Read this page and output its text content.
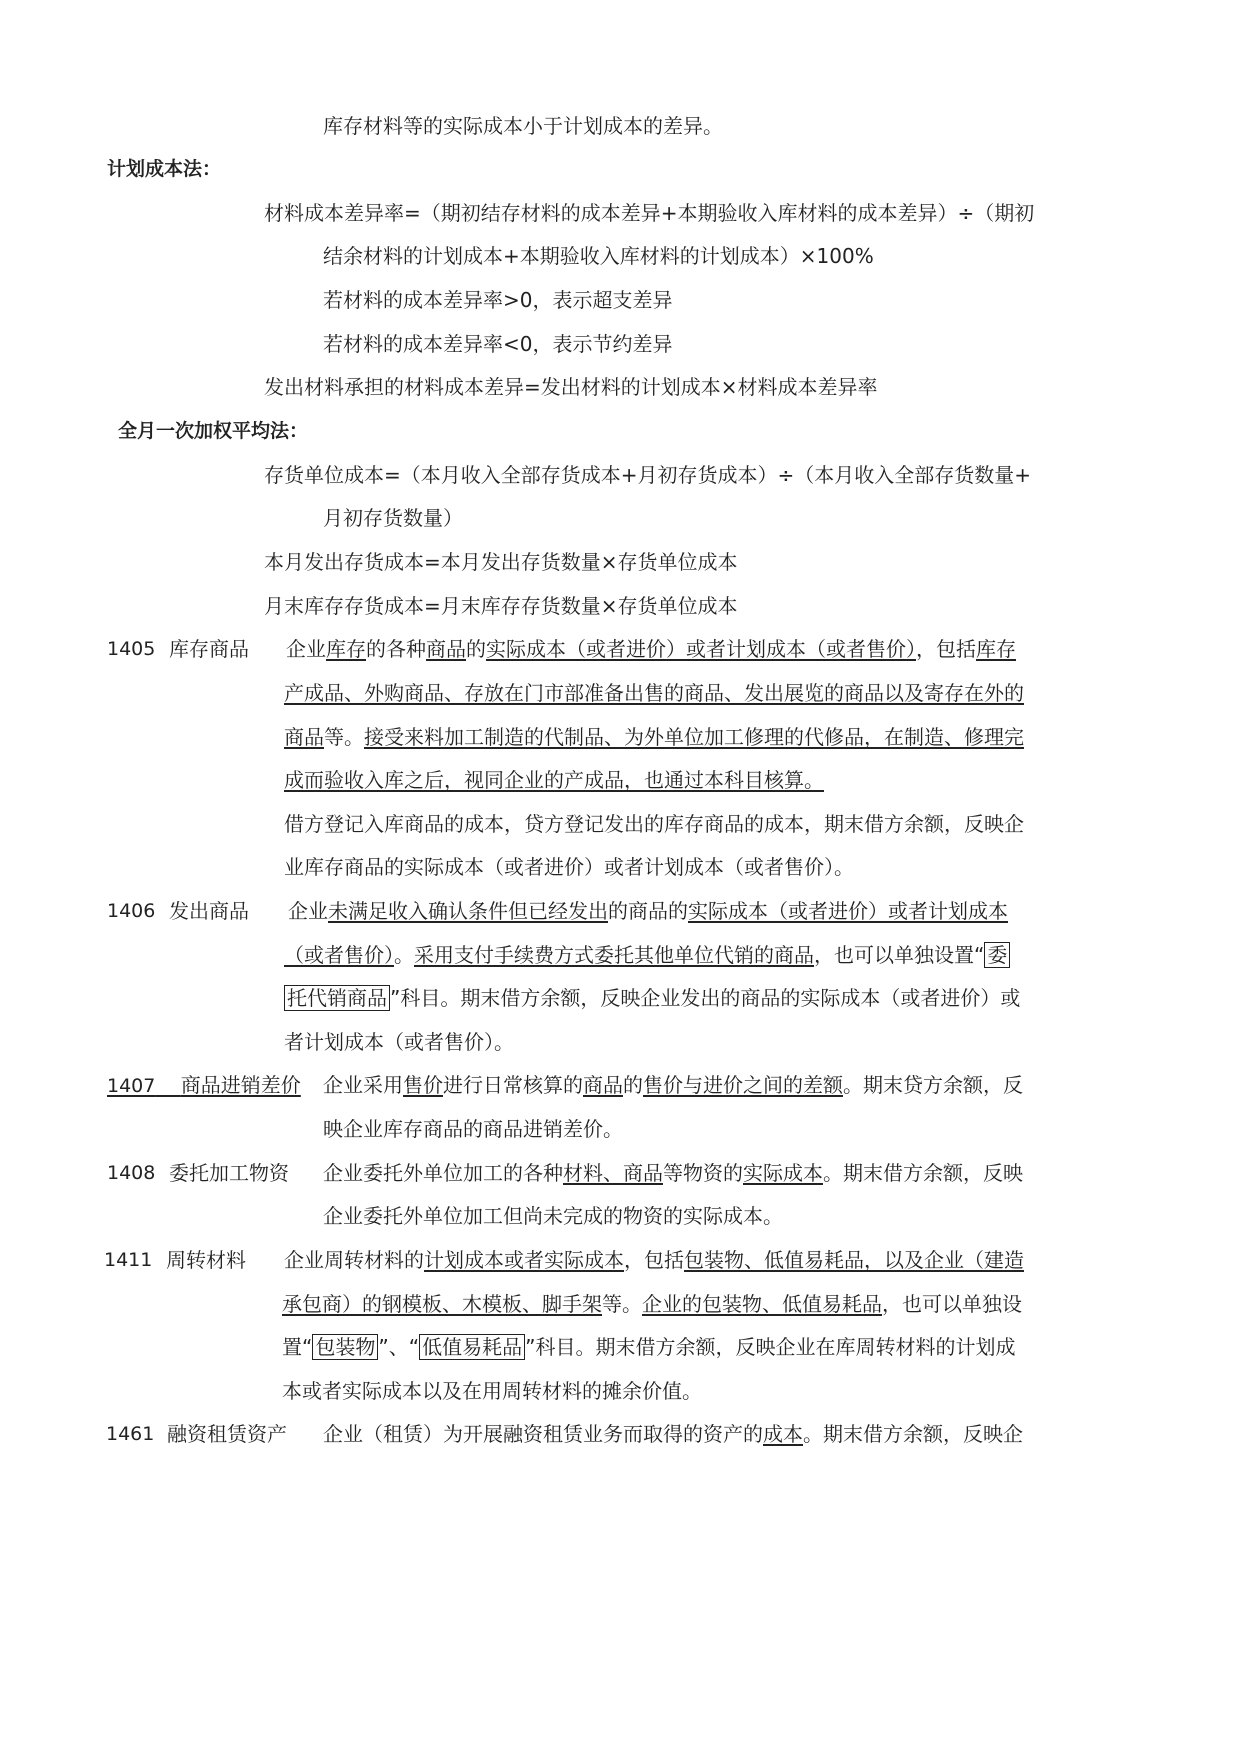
库存材料等的实际成本小于计划成本的差异。
计划成本法：
材料成本差异率=（期初结存材料的成本差异+本期验收入库材料的成本差异）÷（期初
结余材料的计划成本+本期验收入库材料的计划成本）×100%
若材料的成本差异率>0，表示超支差异
若材料的成本差异率<0，表示节约差异
发出材料承担的材料成本差异=发出材料的计划成本×材料成本差异率
全月一次加权平均法：
存货单位成本=（本月收入全部存货成本+月初存货成本）÷（本月收入全部存货数量+
月初存货数量）
本月发出存货成本=本月发出存货数量×存货单位成本
月末库存存货成本=月末库存存货数量×存货单位成本
1405 库存商品 企业库存的各种商品的实际成本（或者进价）或者计划成本（或者售价），包括库存
产成品、外购商品、存放在门市部准备出售的商品、发出展览的商品以及寄存在外的
商品等。接受来料加工制造的代制品、为外单位加工修理的代修品，在制造、修理完
成而验收入库之后，视同企业的产成品，也通过本科目核算。
借方登记入库商品的成本，贷方登记发出的库存商品的成本，期末借方余额，反映企
业库存商品的实际成本（或者进价）或者计划成本（或者售价）。
1406 发出商品 企业未满足收入确认条件但已经发出的商品的实际成本（或者进价）或者计划成本
（或者售价）。采用支付手续费方式委托其他单位代销的商品，也可以单独设置“ 委
托代销商品 ”科目。期末借方余额，反映企业发出的商品的实际成本（或者进价）或
者计划成本（或者售价）。
1407 商品进销差价 企业采用售价进行日常核算的商品的售价与进价之间的差额。期末贷方余额，反
映企业库存商品的商品进销差价。
1408 委托加工物资 企业委托外单位加工的各种材料、商品等物资的实际成本。期末借方余额，反映
企业委托外单位加工但尚未完成的物资的实际成本。
1411 周转材料 企业周转材料的计划成本或者实际成本，包括包装物、低值易耗品，以及企业（建造
承包商）的钢模板、木模板、脚手架等。企业的包装物、低值易耗品，也可以单独设
置“ 包装物 ”、“ 低值易耗品 ”科目。期末借方余额，反映企业在库周转材料的计划成
本或者实际成本以及在用周转材料的摊余价值。
1461 融资租赁资产 企业（租赁）为开展融资租赁业务而取得的资产的成本。期末借方余额，反映企
